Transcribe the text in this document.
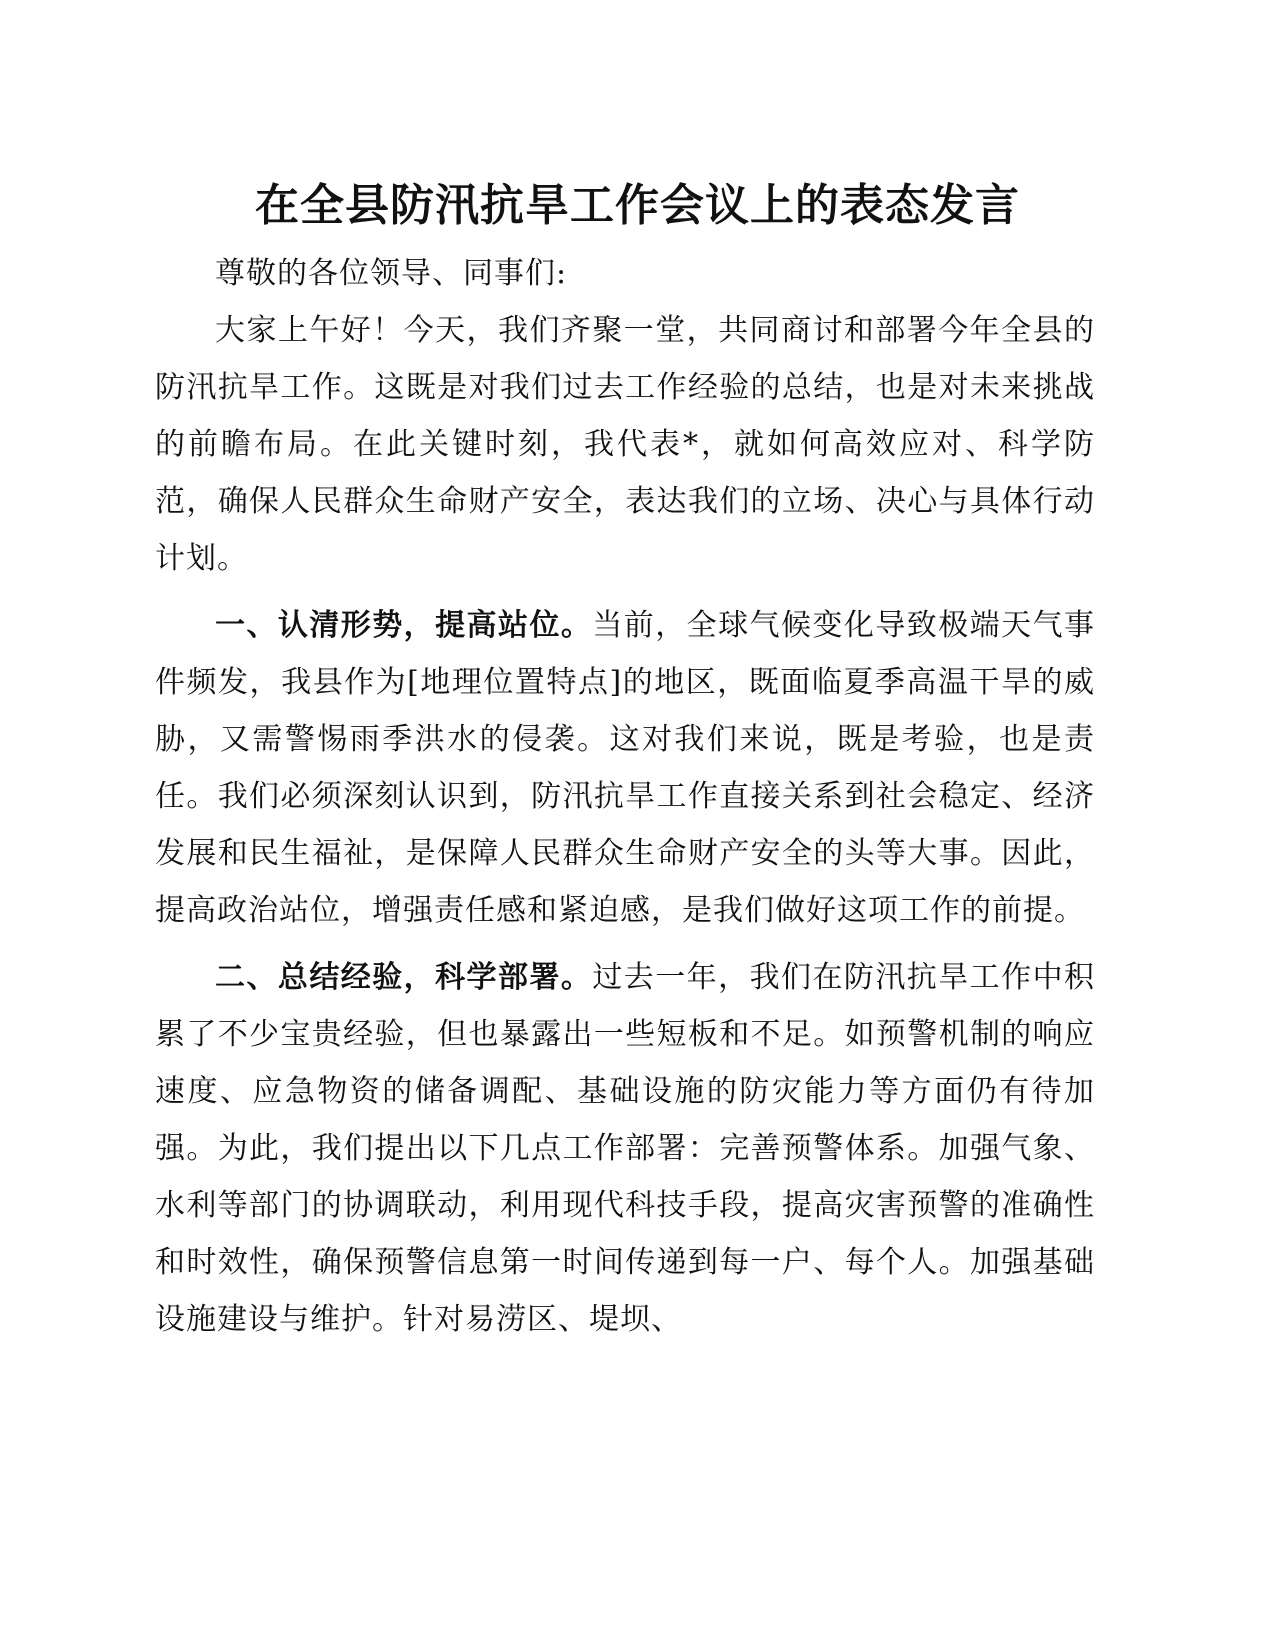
在全县防汛抗旱工作会议上的表态发言

尊敬的各位领导、同事们:

大家上午好！今天，我们齐聚一堂，共同商讨和部署今年全县的防汛抗旱工作。这既是对我们过去工作经验的总结，也是对未来挑战的前瞻布局。在此关键时刻，我代表*，就如何高效应对、科学防范，确保人民群众生命财产安全，表达我们的立场、决心与具体行动计划。

一、认清形势，提高站位。当前，全球气候变化导致极端天气事件频发，我县作为[地理位置特点]的地区，既面临夏季高温干旱的威胁，又需警惕雨季洪水的侵袭。这对我们来说，既是考验，也是责任。我们必须深刻认识到，防汛抗旱工作直接关系到社会稳定、经济发展和民生福祉，是保障人民群众生命财产安全的头等大事。因此，提高政治站位，增强责任感和紧迫感，是我们做好这项工作的前提。

二、总结经验，科学部署。过去一年，我们在防汛抗旱工作中积累了不少宝贵经验，但也暴露出一些短板和不足。如预警机制的响应速度、应急物资的储备调配、基础设施的防灾能力等方面仍有待加强。为此，我们提出以下几点工作部署：完善预警体系。加强气象、水利等部门的协调联动，利用现代科技手段，提高灾害预警的准确性和时效性，确保预警信息第一时间传递到每一户、每个人。加强基础设施建设与维护。针对易涝区、堤坝、
